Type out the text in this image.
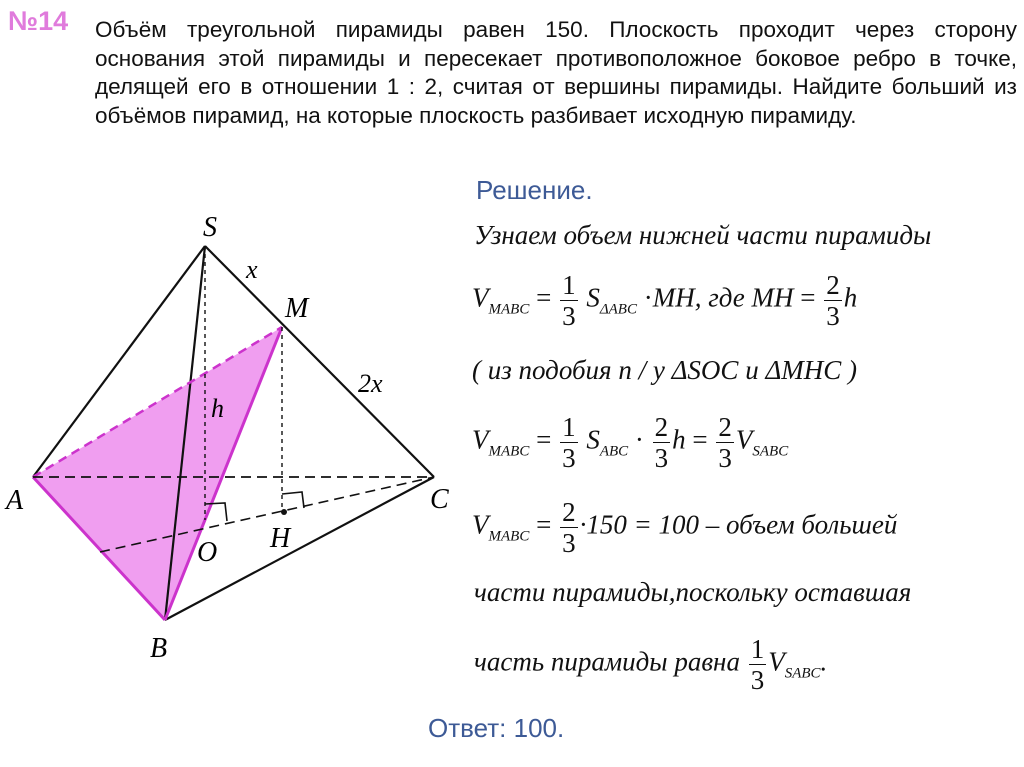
№14 Объём треугольной пирамиды равен 150. Плоскость проходит через сторону основания этой пирамиды и пересекает противоположное боковое ребро в точке, делящей его в отношении 1 : 2, считая от вершины пирамиды. Найдите больший из объёмов пирамид, на которые плоскость разбивает исходную пирамиду.
S
x
M
2x
h
A	C
O H
B
Решение.
Узнаем объем нижней части пирамиды
$V_{MABC} = \frac{1}{3} S_{\Delta ABC} \cdot MH$, где MH = $\frac{2}{3}$ h
( из подобия п / у ΔSOC и ΔMHC )
$V_{MABC} = \frac{1}{3} S_{ABC} \cdot \frac{2}{3}$ $h = \frac{2}{3} V_{SABC}$
$V_{MABC} = \frac{2}{3} \cdot 150 = 100$ – объем большей
части пирамиды,поскольку оставшая
часть пирамиды равна $\frac{1}{3} V_{SABC}$.
Ответ: 100.
